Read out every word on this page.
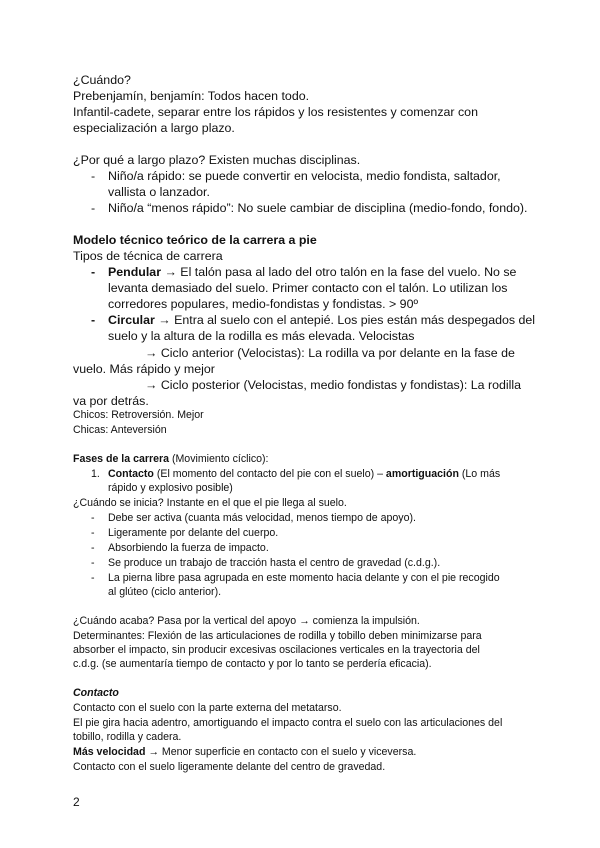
¿Cuándo?
Prebenjamín, benjamín: Todos hacen todo.
Infantil-cadete, separar entre los rápidos y los resistentes y comenzar con
especialización a largo plazo.
¿Por qué a largo plazo? Existen muchas disciplinas.
- Niño/a rápido: se puede convertir en velocista, medio fondista, saltador,
vallista o lanzador.
- Niño/a “menos rápido”: No suele cambiar de disciplina (medio-fondo, fondo).
Modelo técnico teórico de la carrera a pie
Tipos de técnica de carrera
- Pendular → El talón pasa al lado del otro talón en la fase del vuelo. No se
levanta demasiado del suelo. Primer contacto con el talón. Lo utilizan los
corredores populares, medio-fondistas y fondistas. > 90º
- Circular → Entra al suelo con el antepié. Los pies están más despegados del
suelo y la altura de la rodilla es más elevada. Velocistas
→ Ciclo anterior (Velocistas): La rodilla va por delante en la fase de
vuelo. Más rápido y mejor
→ Ciclo posterior (Velocistas, medio fondistas y fondistas): La rodilla
va por detrás.
Chicos: Retroversión. Mejor
Chicas: Anteversión
Fases de la carrera (Movimiento cíclico):
1. Contacto (El momento del contacto del pie con el suelo) – amortiguación (Lo más
rápido y explosivo posible)
¿Cuándo se inicia? Instante en el que el pie llega al suelo.
- Debe ser activa (cuanta más velocidad, menos tiempo de apoyo).
- Ligeramente por delante del cuerpo.
- Absorbiendo la fuerza de impacto.
- Se produce un trabajo de tracción hasta el centro de gravedad (c.d.g.).
- La pierna libre pasa agrupada en este momento hacia delante y con el pie recogido
al glúteo (ciclo anterior).
¿Cuándo acaba? Pasa por la vertical del apoyo → comienza la impulsión.
Determinantes: Flexión de las articulaciones de rodilla y tobillo deben minimizarse para
absorber el impacto, sin producir excesivas oscilaciones verticales en la trayectoria del
c.d.g. (se aumentaría tiempo de contacto y por lo tanto se perdería eficacia).
Contacto
Contacto con el suelo con la parte externa del metatarso.
El pie gira hacia adentro, amortiguando el impacto contra el suelo con las articulaciones del
tobillo, rodilla y cadera.
Más velocidad → Menor superficie en contacto con el suelo y viceversa.
Contacto con el suelo ligeramente delante del centro de gravedad.
2
